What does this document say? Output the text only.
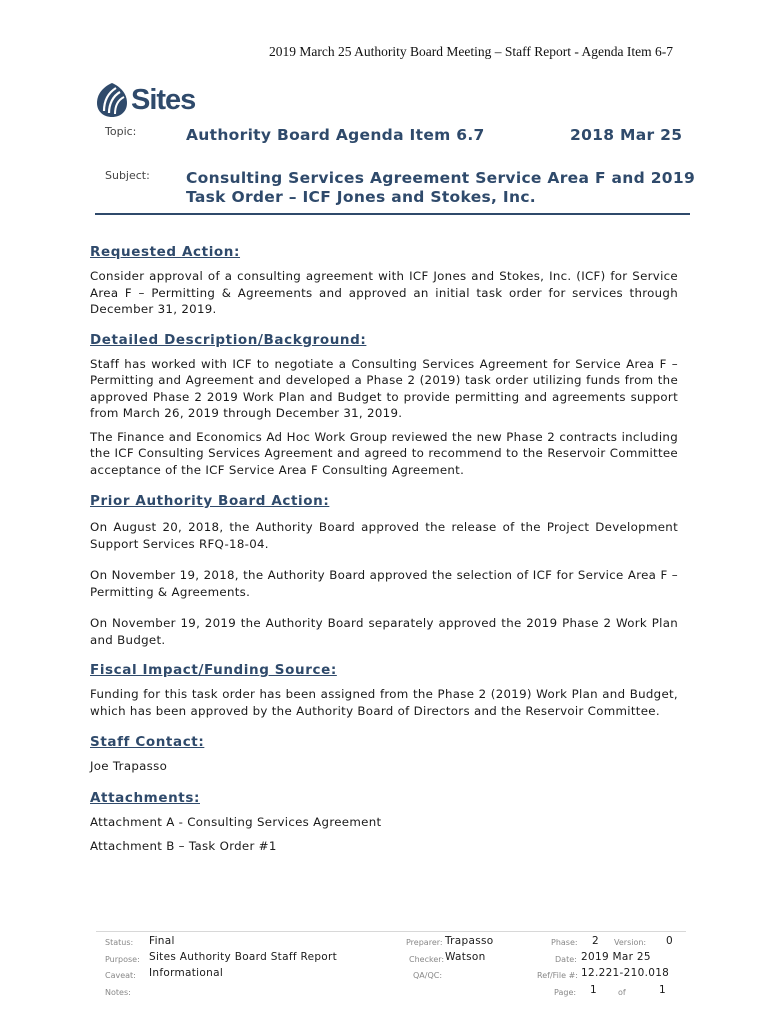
2019 March 25 Authority Board Meeting – Staff Report - Agenda Item 6-7
Sites
Topic:	Authority Board Agenda Item 6.7	2018 Mar 25
Subject: Consulting Services Agreement Service Area F and 2019
Task Order – ICF Jones and Stokes, Inc.
Requested Action:

Consider approval of a consulting agreement with ICF Jones and Stokes, Inc. (ICF) for Service Area F – Permitting & Agreements and approved an initial task order for services through December 31, 2019.

Detailed Description/Background:

Staff has worked with ICF to negotiate a Consulting Services Agreement for Service Area F – Permitting and Agreement and developed a Phase 2 (2019) task order utilizing funds from the approved Phase 2 2019 Work Plan and Budget to provide permitting and agreements support from March 26, 2019 through December 31, 2019.

The Finance and Economics Ad Hoc Work Group reviewed the new Phase 2 contracts including the ICF Consulting Services Agreement and agreed to recommend to the Reservoir Committee acceptance of the ICF Service Area F Consulting Agreement.

Prior Authority Board Action:

On August 20, 2018, the Authority Board approved the release of the Project Development Support Services RFQ-18-04.

On November 19, 2018, the Authority Board approved the selection of ICF for Service Area F – Permitting & Agreements.

On November 19, 2019 the Authority Board separately approved the 2019 Phase 2 Work Plan and Budget.

Fiscal Impact/Funding Source:

Funding for this task order has been assigned from the Phase 2 (2019) Work Plan and Budget, which has been approved by the Authority Board of Directors and the Reservoir Committee.

Staff Contact:

Joe Trapasso

Attachments:

Attachment A - Consulting Services Agreement

Attachment B – Task Order #1

Status: Final
Purpose: Sites Authority Board Staff Report
Caveat: Informational
Notes:
Preparer: Trapasso
Checker: Watson
QA/QC:
Phase: 2 Version: 0
Date: 2019 Mar 25
Ref/File #: 12.221-210.018
Page: 1	of	1
